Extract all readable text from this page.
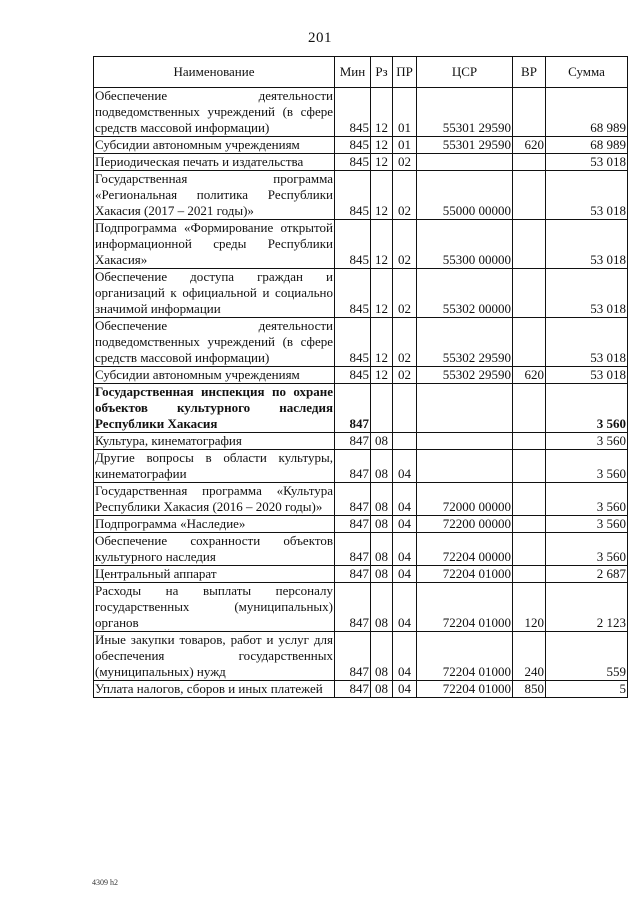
201
Наименование	Мин	Рз	ПР	ЦСР	ВР	Сумма
Обеспечение деятельности подведомственных учреждений (в сфере средств массовой информации)	845	12	01	55301 29590		68 989
Субсидии автономным учреждениям	845	12	01	55301 29590	620	68 989
Периодическая печать и издательства	845	12	02			53 018
Государственная программа «Региональная политика Республики Хакасия (2017 – 2021 годы)»	845	12	02	55000 00000		53 018
Подпрограмма «Формирование открытой информационной среды Республики Хакасия»	845	12	02	55300 00000		53 018
Обеспечение доступа граждан и организаций к официальной и социально значимой информации	845	12	02	55302 00000		53 018
Обеспечение деятельности подведомственных учреждений (в сфере средств массовой информации)	845	12	02	55302 29590		53 018
Субсидии автономным учреждениям	845	12	02	55302 29590	620	53 018
Государственная инспекция по охране объектов культурного наследия Республики Хакасия	847					3 560
Культура, кинематография	847	08				3 560
Другие вопросы в области культуры, кинематографии	847	08	04			3 560
Государственная программа «Культура Республики Хакасия (2016 – 2020 годы)»	847	08	04	72000 00000		3 560
Подпрограмма «Наследие»	847	08	04	72200 00000		3 560
Обеспечение сохранности объектов культурного наследия	847	08	04	72204 00000		3 560
Центральный аппарат	847	08	04	72204 01000		2 687
Расходы на выплаты персоналу государственных (муниципальных) органов	847	08	04	72204 01000	120	2 123
Иные закупки товаров, работ и услуг для обеспечения государственных (муниципальных) нужд	847	08	04	72204 01000	240	559
Уплата налогов, сборов и иных платежей	847	08	04	72204 01000	850	5
4309 h2
